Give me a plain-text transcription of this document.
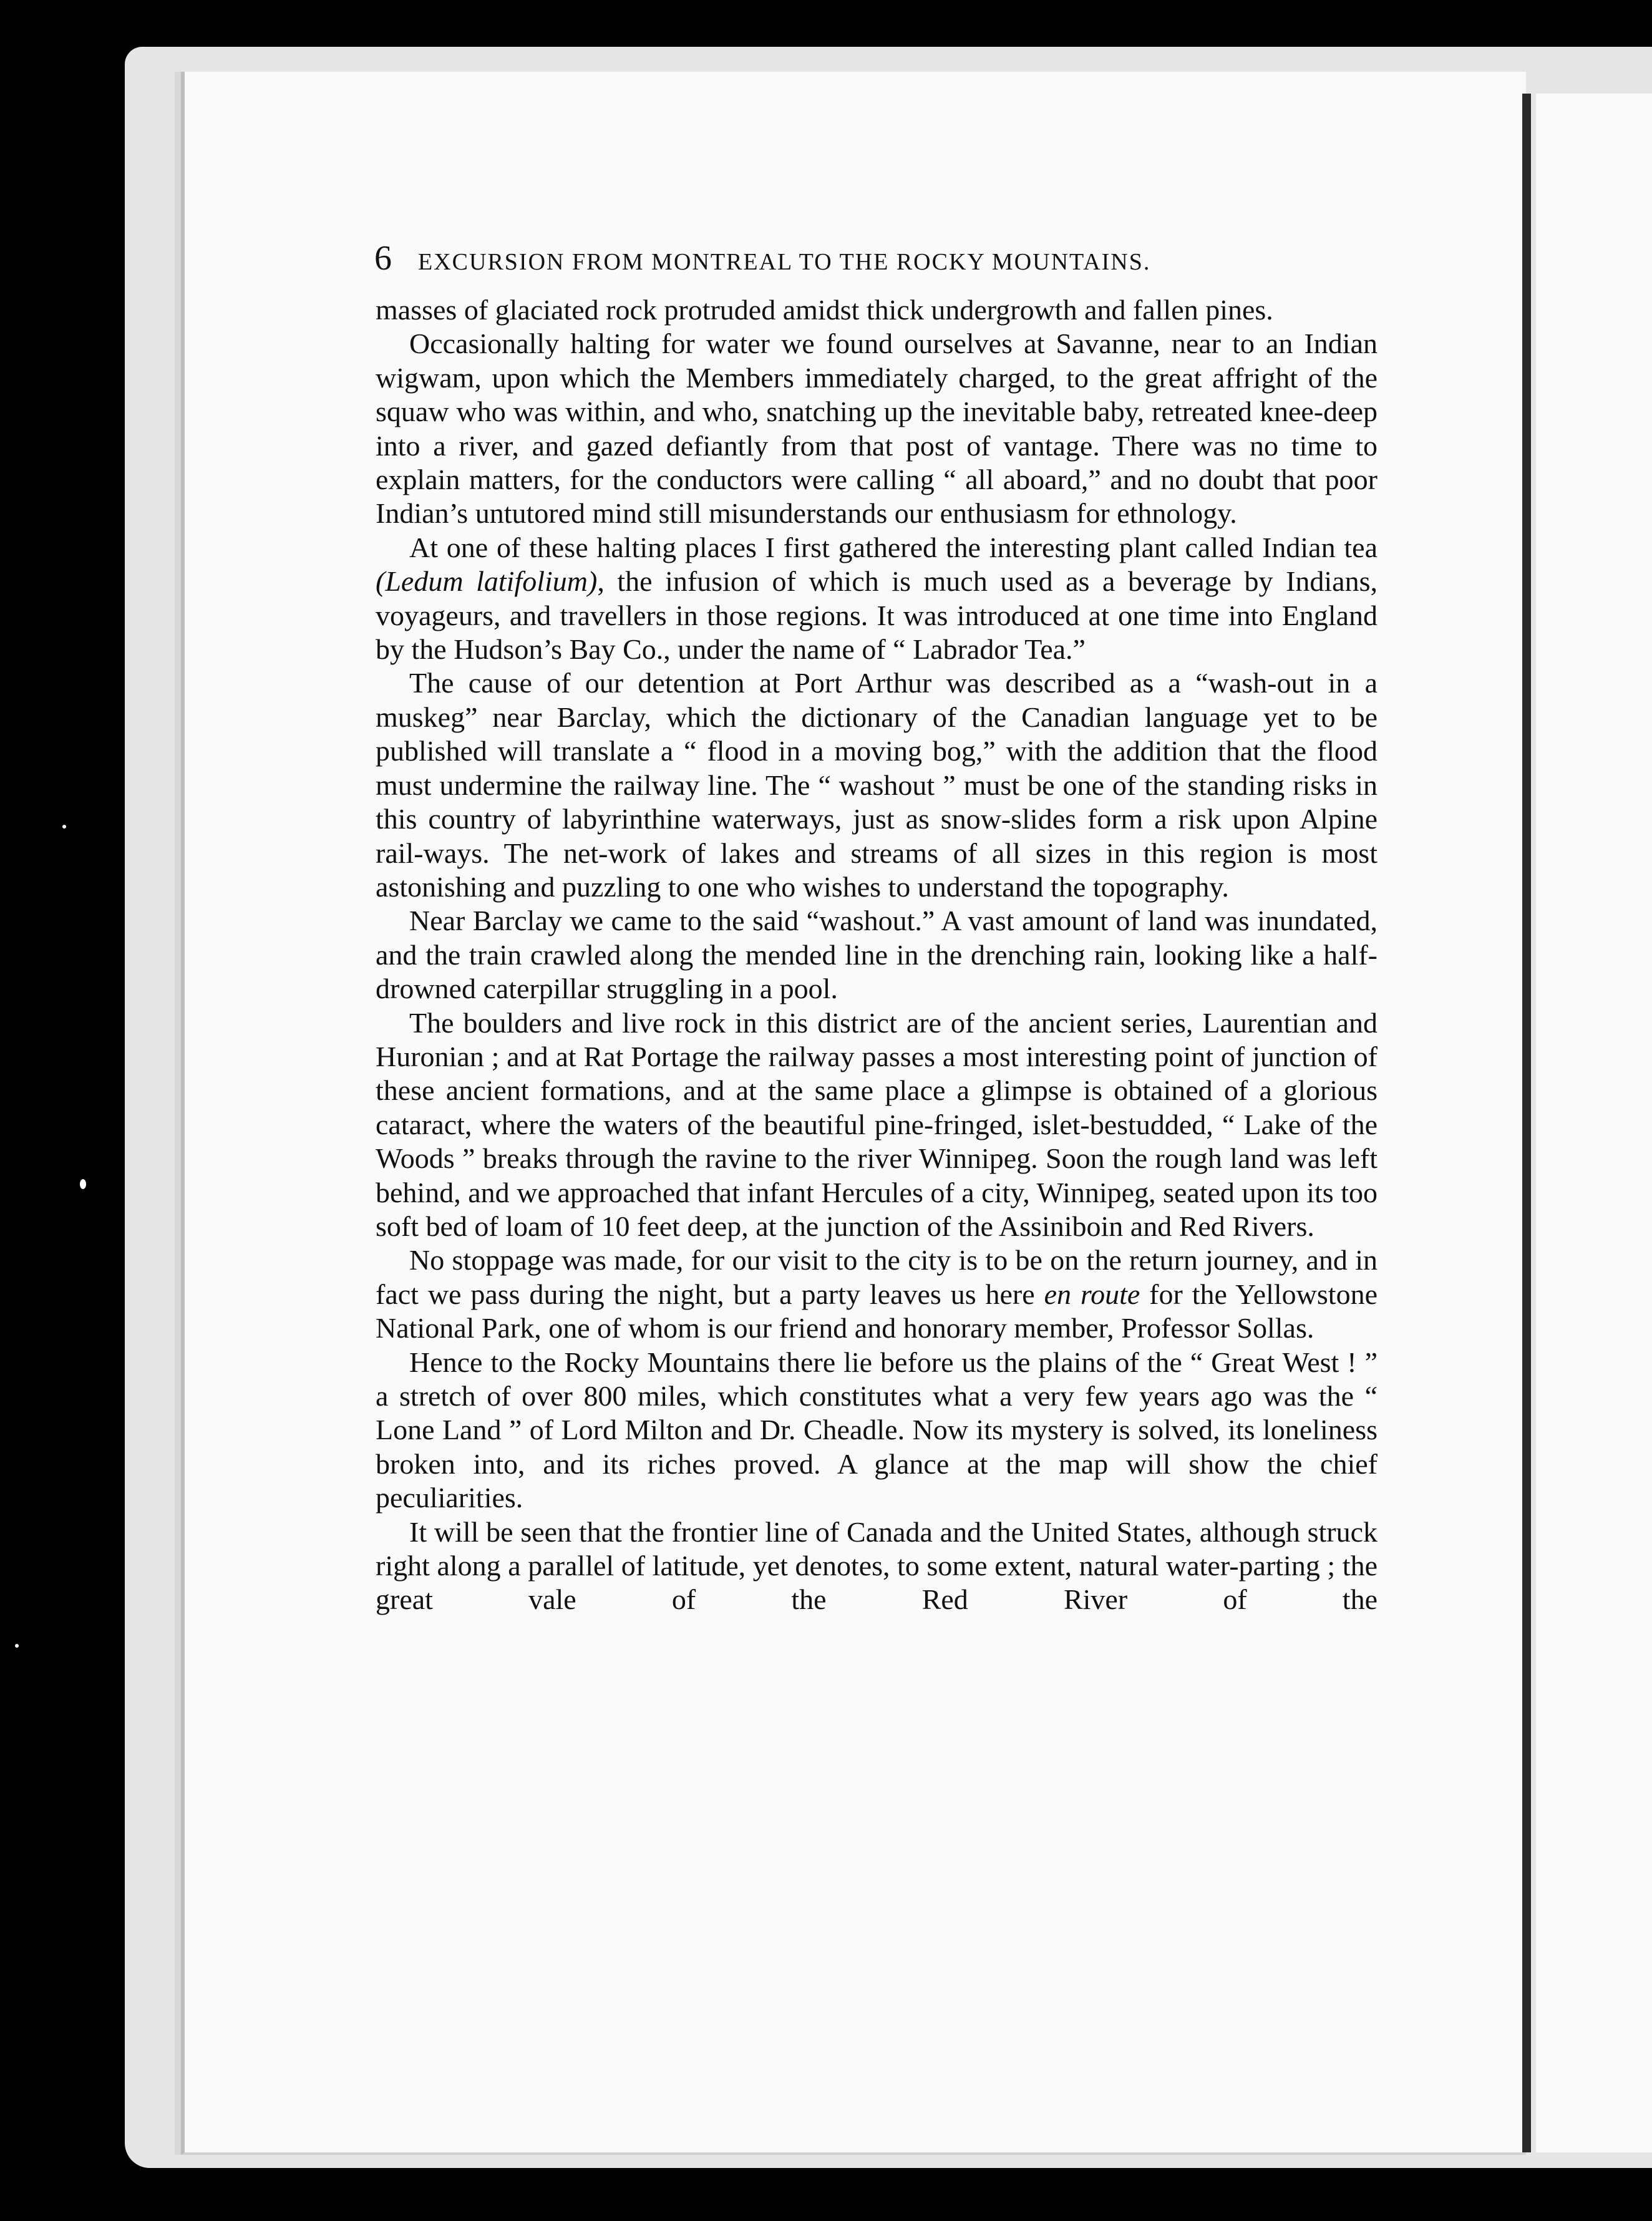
6 EXCURSION FROM MONTREAL TO THE ROCKY MOUNTAINS.

masses of glaciated rock protruded amidst thick undergrowth and fallen pines.

Occasionally halting for water we found ourselves at Savanne, near to an Indian wigwam, upon which the Members immediately charged, to the great affright of the squaw who was within, and who, snatching up the inevitable baby, retreated knee-deep into a river, and gazed defiantly from that post of vantage. There was no time to explain matters, for the conductors were calling “ all aboard,” and no doubt that poor Indian’s untutored mind still misunderstands our enthusiasm for ethnology.

At one of these halting places I first gathered the interesting plant called Indian tea (Ledum latifolium), the infusion of which is much used as a beverage by Indians, voyageurs, and travellers in those regions. It was introduced at one time into England by the Hudson’s Bay Co., under the name of “ Labrador Tea.”

The cause of our detention at Port Arthur was described as a “wash-out in a muskeg” near Barclay, which the dictionary of the Canadian language yet to be published will translate a “ flood in a moving bog,” with the addition that the flood must undermine the railway line. The “ washout ” must be one of the standing risks in this country of labyrinthine waterways, just as snow-slides form a risk upon Alpine rail-ways. The net-work of lakes and streams of all sizes in this region is most astonishing and puzzling to one who wishes to understand the topography.

Near Barclay we came to the said “washout.” A vast amount of land was inundated, and the train crawled along the mended line in the drenching rain, looking like a half-drowned caterpillar struggling in a pool.

The boulders and live rock in this district are of the ancient series, Laurentian and Huronian ; and at Rat Portage the railway passes a most interesting point of junction of these ancient formations, and at the same place a glimpse is obtained of a glorious cataract, where the waters of the beautiful pine-fringed, islet-bestudded, “ Lake of the Woods ” breaks through the ravine to the river Winnipeg. Soon the rough land was left behind, and we approached that infant Hercules of a city, Winnipeg, seated upon its too soft bed of loam of 10 feet deep, at the junction of the Assiniboin and Red Rivers.

No stoppage was made, for our visit to the city is to be on the return journey, and in fact we pass during the night, but a party leaves us here en route for the Yellowstone National Park, one of whom is our friend and honorary member, Professor Sollas.

Hence to the Rocky Mountains there lie before us the plains of the “ Great West ! ” a stretch of over 800 miles, which constitutes what a very few years ago was the “ Lone Land ” of Lord Milton and Dr. Cheadle. Now its mystery is solved, its loneliness broken into, and its riches proved. A glance at the map will show the chief peculiarities.

It will be seen that the frontier line of Canada and the United States, although struck right along a parallel of latitude, yet denotes, to some extent, natural water-parting ; the great vale of the Red River of the
